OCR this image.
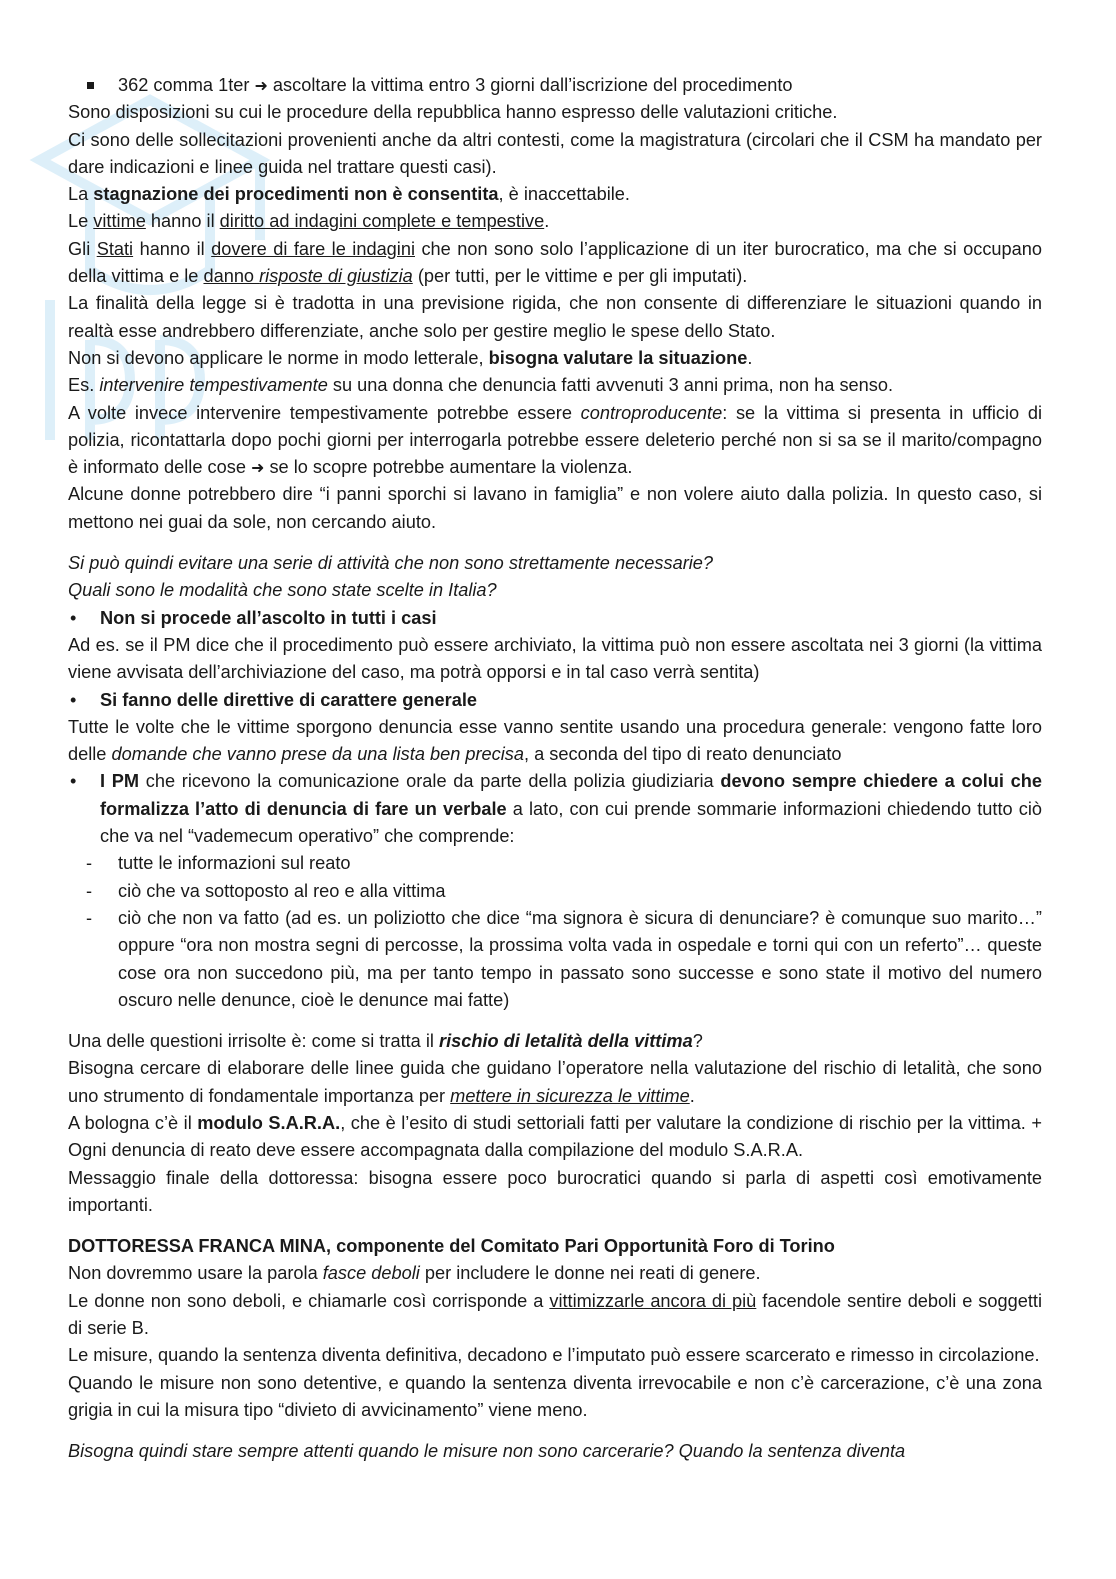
362 comma 1ter ➜ ascoltare la vittima entro 3 giorni dall’iscrizione del procedimento

Sono disposizioni su cui le procedure della repubblica hanno espresso delle valutazioni critiche.

Ci sono delle sollecitazioni provenienti anche da altri contesti, come la magistratura (circolari che il CSM ha mandato per dare indicazioni e linee guida nel trattare questi casi).

La stagnazione dei procedimenti non è consentita, è inaccettabile.

Le vittime hanno il diritto ad indagini complete e tempestive.

Gli Stati hanno il dovere di fare le indagini che non sono solo l’applicazione di un iter burocratico, ma che si occupano della vittima e le danno risposte di giustizia (per tutti, per le vittime e per gli imputati).

La finalità della legge si è tradotta in una previsione rigida, che non consente di differenziare le situazioni quando in realtà esse andrebbero differenziate, anche solo per gestire meglio le spese dello Stato.

Non si devono applicare le norme in modo letterale, bisogna valutare la situazione.

Es. intervenire tempestivamente su una donna che denuncia fatti avvenuti 3 anni prima, non ha senso.

A volte invece intervenire tempestivamente potrebbe essere controproducente: se la vittima si presenta in ufficio di polizia, ricontattarla dopo pochi giorni per interrogarla potrebbe essere deleterio perché non si sa se il marito/compagno è informato delle cose ➜ se lo scopre potrebbe aumentare la violenza.

Alcune donne potrebbero dire “i panni sporchi si lavano in famiglia” e non volere aiuto dalla polizia. In questo caso, si mettono nei guai da sole, non cercando aiuto.

Si può quindi evitare una serie di attività che non sono strettamente necessarie?

Quali sono le modalità che sono state scelte in Italia?

• Non si procede all’ascolto in tutti i casi

Ad es. se il PM dice che il procedimento può essere archiviato, la vittima può non essere ascoltata nei 3 giorni (la vittima viene avvisata dell’archiviazione del caso, ma potrà opporsi e in tal caso verrà sentita)

• Si fanno delle direttive di carattere generale

Tutte le volte che le vittime sporgono denuncia esse vanno sentite usando una procedura generale: vengono fatte loro delle domande che vanno prese da una lista ben precisa, a seconda del tipo di reato denunciato

• I PM che ricevono la comunicazione orale da parte della polizia giudiziaria devono sempre chiedere a colui che formalizza l’atto di denuncia di fare un verbale a lato, con cui prende sommarie informazioni chiedendo tutto ciò che va nel “vademecum operativo” che comprende:

- tutte le informazioni sul reato

- ciò che va sottoposto al reo e alla vittima

- ciò che non va fatto (ad es. un poliziotto che dice “ma signora è sicura di denunciare? è comunque suo marito…” oppure “ora non mostra segni di percosse, la prossima volta vada in ospedale e torni qui con un referto”… queste cose ora non succedono più, ma per tanto tempo in passato sono successe e sono state il motivo del numero oscuro nelle denunce, cioè le denunce mai fatte)

Una delle questioni irrisolte è: come si tratta il rischio di letalità della vittima?

Bisogna cercare di elaborare delle linee guida che guidano l’operatore nella valutazione del rischio di letalità, che sono uno strumento di fondamentale importanza per mettere in sicurezza le vittime.

A bologna c’è il modulo S.A.R.A., che è l’esito di studi settoriali fatti per valutare la condizione di rischio per la vittima. + Ogni denuncia di reato deve essere accompagnata dalla compilazione del modulo S.A.R.A.

Messaggio finale della dottoressa: bisogna essere poco burocratici quando si parla di aspetti così emotivamente importanti.

DOTTORESSA FRANCA MINA, componente del Comitato Pari Opportunità Foro di Torino

Non dovremmo usare la parola fasce deboli per includere le donne nei reati di genere.

Le donne non sono deboli, e chiamarle così corrisponde a vittimizzarle ancora di più facendole sentire deboli e soggetti di serie B.

Le misure, quando la sentenza diventa definitiva, decadono e l’imputato può essere scarcerato e rimesso in circolazione.

Quando le misure non sono detentive, e quando la sentenza diventa irrevocabile e non c’è carcerazione, c’è una zona grigia in cui la misura tipo “divieto di avvicinamento” viene meno.

Bisogna quindi stare sempre attenti quando le misure non sono carcerarie? Quando la sentenza diventa
